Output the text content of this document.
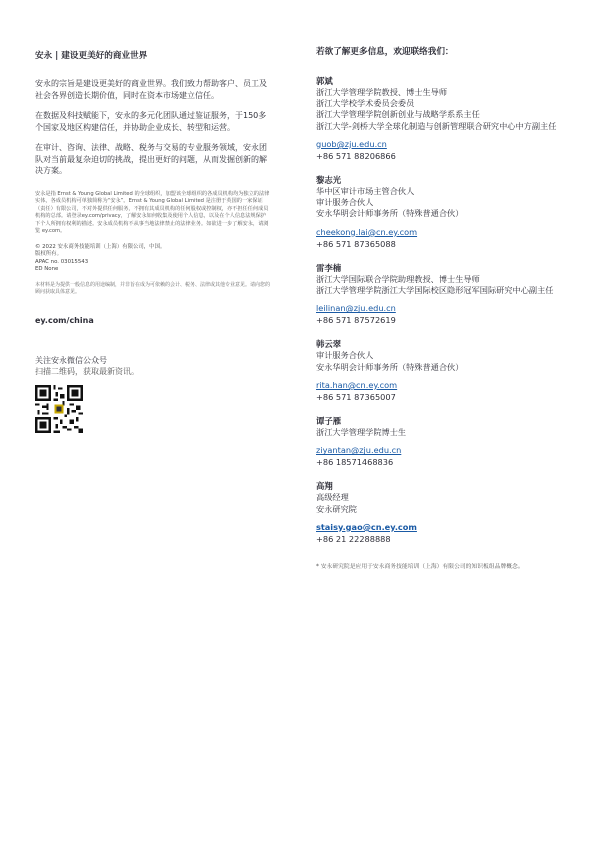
安永 | 建设更美好的商业世界
安永的宗旨是建设更美好的商业世界。我们致力帮助客户、员工及社会各界创造长期价值，同时在资本市场建立信任。
在数据及科技赋能下，安永的多元化团队通过鉴证服务，于150多个国家及地区构建信任，并协助企业成长、转型和运营。
在审计、咨询、法律、战略、税务与交易的专业服务领域，安永团队对当前最复杂迫切的挑战，提出更好的问题，从而发掘创新的解决方案。
安永是指 Ernst & Young Global Limited 的全球组织，加盟该全球组织的各成员机构均为独立的法律实体，各成员机构可单独简称为“安永”。Ernst & Young Global Limited 是注册于英国的一家保证（责任）有限公司，不对外提供任何服务，不拥有其成员机构的任何股权或控制权，亦不担任任何成员机构的总部。请登录ey.com/privacy，了解安永如何收集及使用个人信息，以及在个人信息法规保护下个人所拥有权利的描述。安永成员机构不从事当地法律禁止的法律业务。如欲进一步了解安永，请浏览 ey.com。
© 2022 安永商务技能培训（上海）有限公司，中国。
版权所有。
APAC no. 03015543
ED None
本材料是为提供一般信息的用途编制，并非旨在成为可依赖的会计、税务、法律或其他专业意见。请向您的顾问获取具体意见。
ey.com/china
关注安永微信公众号
扫描二维码，获取最新资讯。
若欲了解更多信息，欢迎联络我们：
郭斌
浙江大学管理学院教授、博士生导师
浙江大学校学术委员会委员
浙江大学管理学院创新创业与战略学系系主任
浙江大学-剑桥大学全球化制造与创新管理联合研究中心中方副主任
guob@zju.edu.cn
+86 571 88206866
黎志光
华中区审计市场主管合伙人
审计服务合伙人
安永华明会计师事务所（特殊普通合伙）
cheekong.lai@cn.ey.com
+86 571 87365088
雷李楠
浙江大学国际联合学院助理教授、博士生导师
浙江大学管理学院浙江大学国际校区隐形冠军国际研究中心副主任
leilinan@zju.edu.cn
+86 571 87572619
韩云翠
审计服务合伙人
安永华明会计师事务所（特殊普通合伙）
rita.han@cn.ey.com
+86 571 87365007
谭子雁
浙江大学管理学院博士生
ziyantan@zju.edu.cn
+86 18571468836
高翔
高级经理
安永研究院
staisy.gao@cn.ey.com
+86 21 22288888
* 安永研究院是应用于安永商务技能培训（上海）有限公司的知识板组品牌概念。
